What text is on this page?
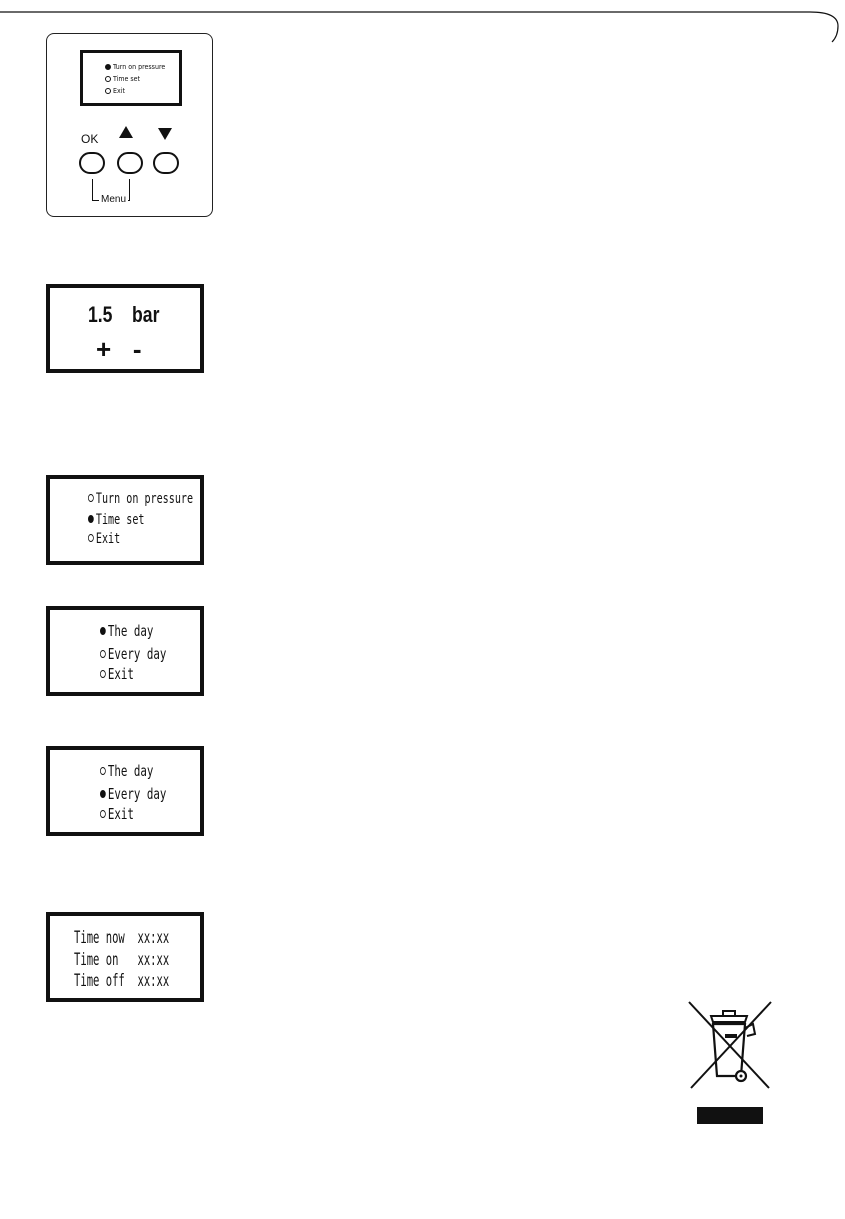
Turn on pressure
Time set
Exit
OK
Menu
1.5 bar
+ -
Turn on pressure
Time set
Exit
The day
Every day
Exit
The day
Every day
Exit
Time now xx:xx
Time on xx:xx
Time off xx:xx
